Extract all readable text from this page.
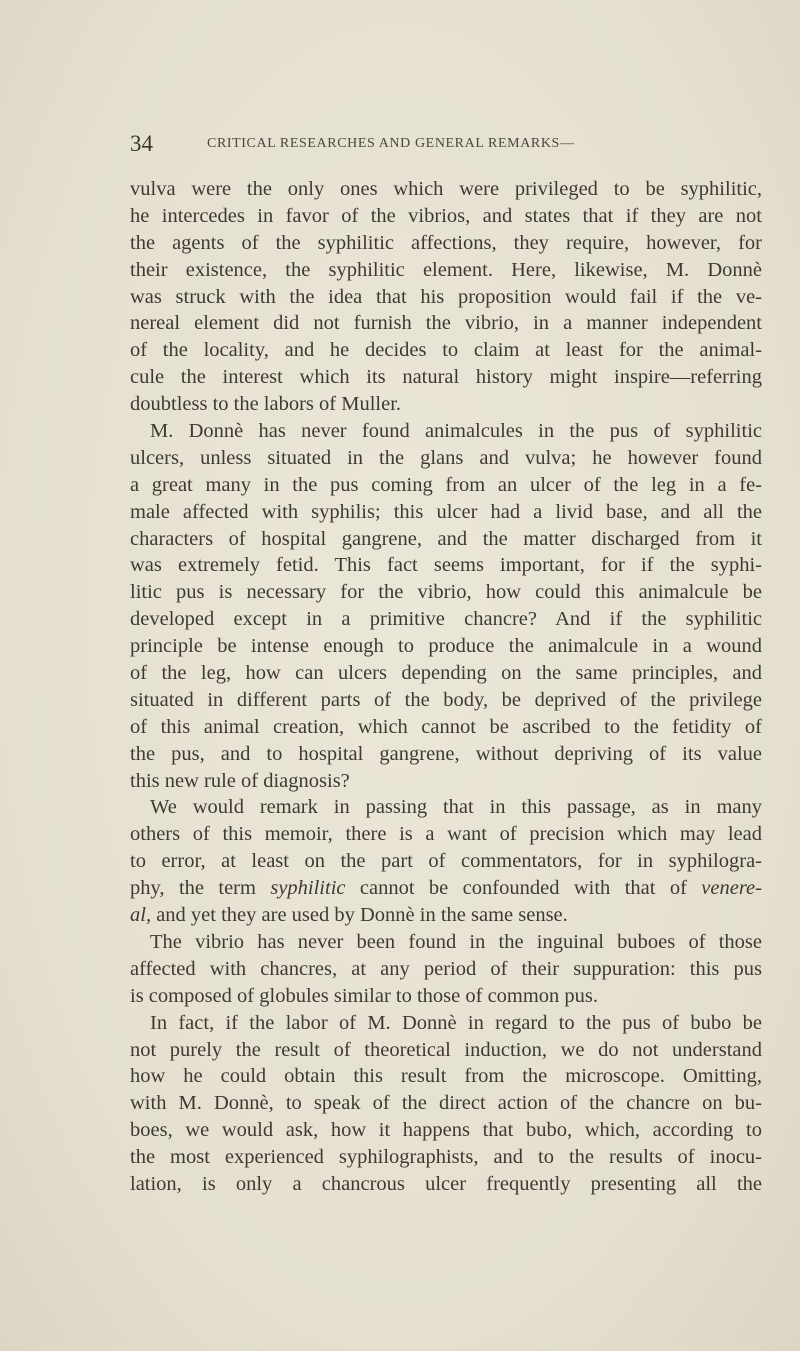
34	CRITICAL RESEARCHES AND GENERAL REMARKS—
vulva were the only ones which were privileged to be syphilitic,
he intercedes in favor of the vibrios, and states that if they are not
the agents of the syphilitic affections, they require, however, for
their existence, the syphilitic element. Here, likewise, M. Donnè
was struck with the idea that his proposition would fail if the ve-
nereal element did not furnish the vibrio, in a manner independent
of the locality, and he decides to claim at least for the animal-
cule the interest which its natural history might inspire—referring
doubtless to the labors of Muller.
M. Donnè has never found animalcules in the pus of syphilitic
ulcers, unless situated in the glans and vulva; he however found
a great many in the pus coming from an ulcer of the leg in a fe-
male affected with syphilis; this ulcer had a livid base, and all the
characters of hospital gangrene, and the matter discharged from it
was extremely fetid. This fact seems important, for if the syphi-
litic pus is necessary for the vibrio, how could this animalcule be
developed except in a primitive chancre? And if the syphilitic
principle be intense enough to produce the animalcule in a wound
of the leg, how can ulcers depending on the same principles, and
situated in different parts of the body, be deprived of the privilege
of this animal creation, which cannot be ascribed to the fetidity of
the pus, and to hospital gangrene, without depriving of its value
this new rule of diagnosis?
We would remark in passing that in this passage, as in many
others of this memoir, there is a want of precision which may lead
to error, at least on the part of commentators, for in syphilogra-
phy, the term syphilitic cannot be confounded with that of venere-
al, and yet they are used by Donnè in the same sense.
The vibrio has never been found in the inguinal buboes of those
affected with chancres, at any period of their suppuration: this pus
is composed of globules similar to those of common pus.
In fact, if the labor of M. Donnè in regard to the pus of bubo be
not purely the result of theoretical induction, we do not understand
how he could obtain this result from the microscope. Omitting,
with M. Donnè, to speak of the direct action of the chancre on bu-
boes, we would ask, how it happens that bubo, which, according to
the most experienced syphilographists, and to the results of inocu-
lation, is only a chancrous ulcer frequently presenting all the
